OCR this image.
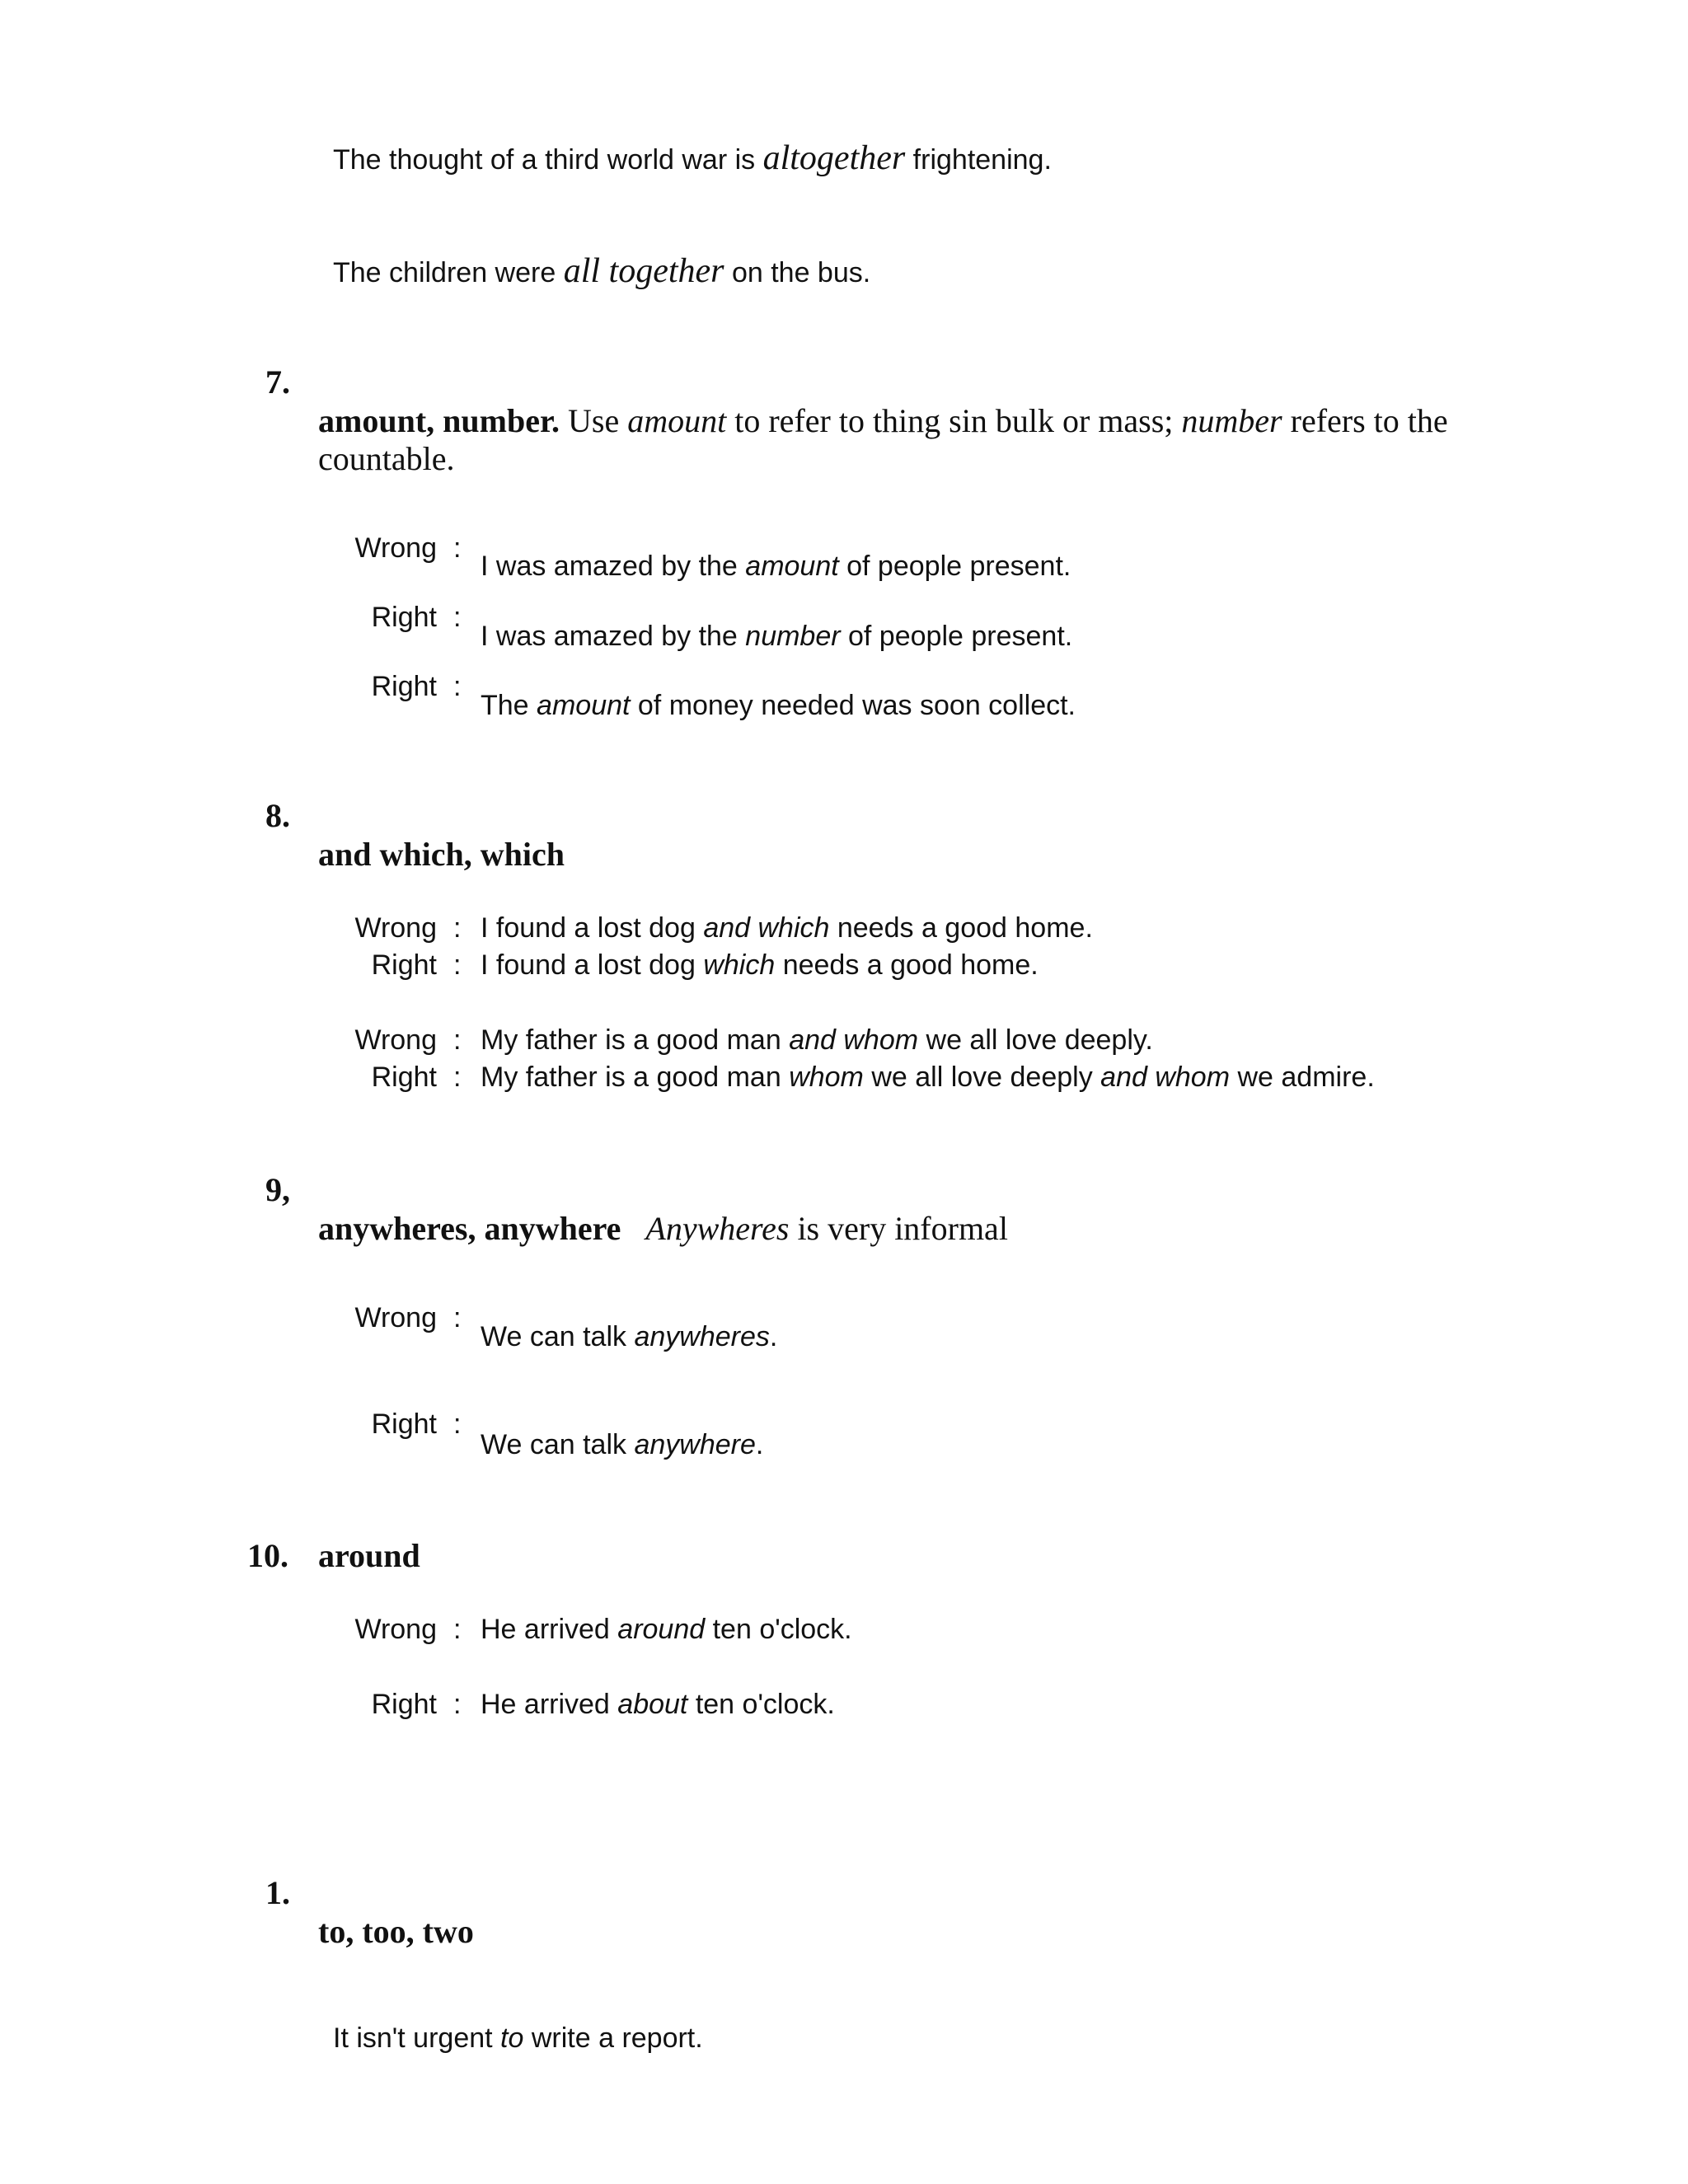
The thought of a third world war is altogether frightening.
The children were all together on the bus.
7.
amount, number. Use amount to refer to thing sin bulk or mass; number refers to the
countable.
Wrong :
I was amazed by the amount of people present.
Right :
I was amazed by the number of people present.
Right :
The amount of money needed was soon collect.
8.
and which, which
Wrong : I found a lost dog and which needs a good home.
Right : I found a lost dog which needs a good home.
Wrong : My father is a good man and whom we all love deeply.
Right : My father is a good man whom we all love deeply and whom we admire.
9,
anywheres, anywhere Anywheres is very informal
Wrong :
We can talk anywheres.
Right :
We can talk anywhere.
10. around
Wrong : He arrived around ten o'clock.
Right : He arrived about ten o'clock.
1.
to, too, two
It isn't urgent to write a report.
